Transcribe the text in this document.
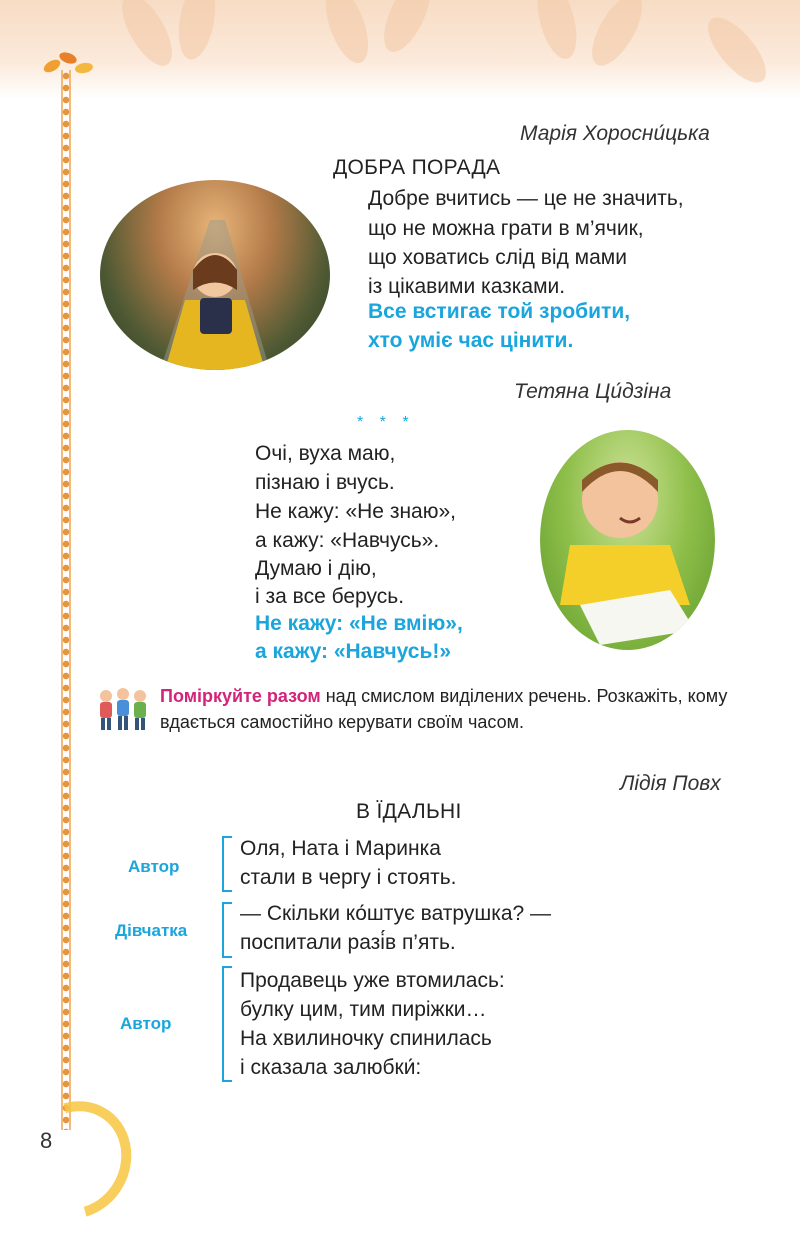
8
Марія Хоросни́цька
ДОБРА ПОРАДА
Добре вчитись — це не значить,
що не можна грати в м’ячик,
що ховатись слід від мами
із цікавими казками.
Все встигає той зробити,
хто уміє час цінити.
Тетяна Ци́дзіна
* * *
Очі, вуха маю,
пізнаю і вчусь.
Не кажу: «Не знаю»,
а кажу: «Навчусь».
Думаю і дію,
і за все берусь.
Не кажу: «Не вмію»,
а кажу: «Навчусь!»
Поміркуйте разом над смислом виділених речень. Розкажіть, кому вдається самостійно керувати своїм часом.
Лідія Повх
В ЇДАЛЬНІ
Автор
Оля, Ната і Маринка
стали в чергу і стоять.
Дівчатка
— Скільки ко́штує ватрушка? —
поспитали разі́в п’ять.
Автор
Продавець уже втомилась:
булку цим, тим пиріжки…
На хвилиночку спинилась
і сказала залюбки́:
